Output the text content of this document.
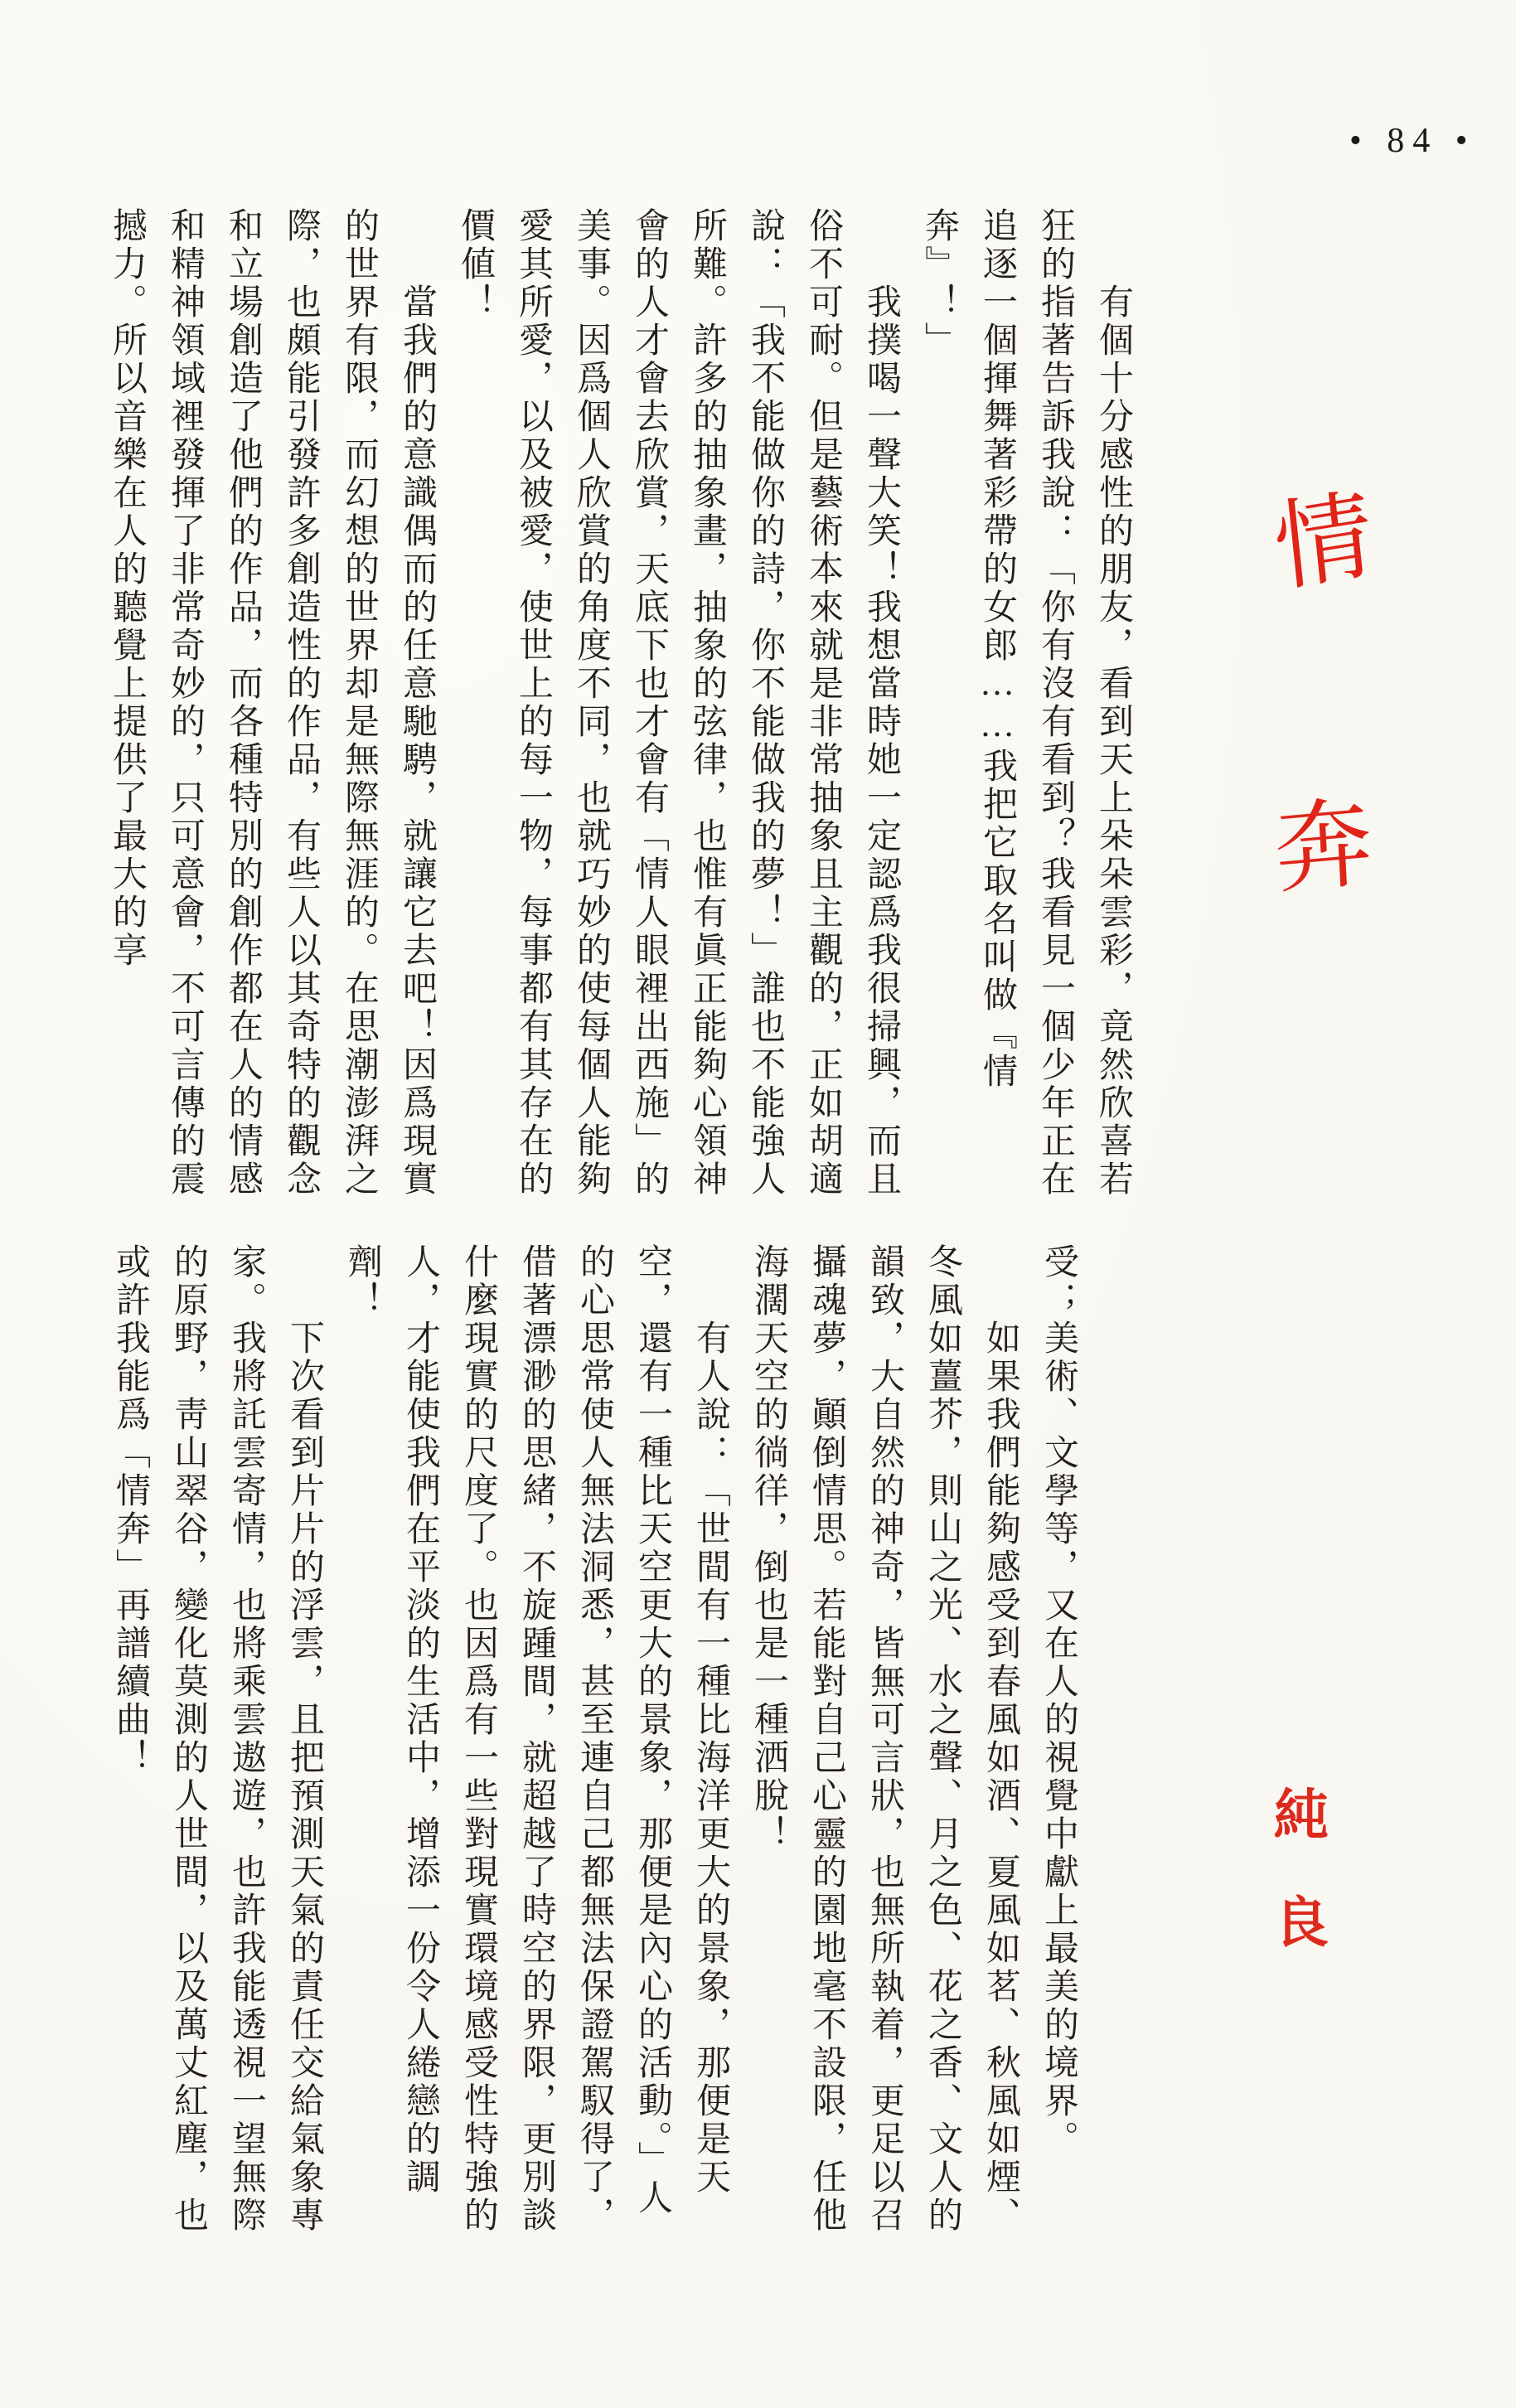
• 84 •
情
奔
純
良

有個十分感性的朋友，看到天上朵朵雲彩，竟然欣喜若狂的指著告訴我說：「你有沒有看到？我看見一個少年正在追逐一個揮舞著彩帶的女郎……我把它取名叫做『情奔』！」

我撲喝一聲大笑！我想當時她一定認爲我很掃興，而且俗不可耐。但是藝術本來就是非常抽象且主觀的，正如胡適說：「我不能做你的詩，你不能做我的夢！」誰也不能強人所難。許多的抽象畫，抽象的弦律，也惟有眞正能夠心領神會的人才會去欣賞，天底下也才會有「情人眼裡出西施」的美事。因爲個人欣賞的角度不同，也就巧妙的使每個人能夠愛其所愛，以及被愛，使世上的每一物，每事都有其存在的價値！

當我們的意識偶而的任意馳騁，就讓它去吧！因爲現實的世界有限，而幻想的世界却是無際無涯的。在思潮澎湃之際，也頗能引發許多創造性的作品，有些人以其奇特的觀念和立場創造了他們的作品，而各種特別的創作都在人的情感和精神領域裡發揮了非常奇妙的，只可意會，不可言傳的震撼力。所以音樂在人的聽覺上提供了最大的享

受；美術、文學等，又在人的視覺中獻上最美的境界。

如果我們能夠感受到春風如酒、夏風如茗、秋風如煙、冬風如薑芥，則山之光、水之聲、月之色、花之香、文人的韻致，大自然的神奇，皆無可言狀，也無所執着，更足以召攝魂夢，顚倒情思。若能對自己心靈的園地毫不設限，任他海濶天空的徜徉，倒也是一種洒脫！

有人說：「世間有一種比海洋更大的景象，那便是天空，還有一種比天空更大的景象，那便是內心的活動。」人的心思常使人無法洞悉，甚至連自己都無法保證駕馭得了，借著漂渺的思緒，不旋踵間，就超越了時空的界限，更別談什麼現實的尺度了。也因爲有一些對現實環境感受性特強的人，才能使我們在平淡的生活中，增添一份令人綣戀的調劑！

下次看到片片的浮雲，且把預測天氣的責任交給氣象專家。我將託雲寄情，也將乘雲遨遊，也許我能透視一望無際的原野，靑山翠谷，變化莫測的人世間，以及萬丈紅塵，也或許我能爲「情奔」再譜續曲！
